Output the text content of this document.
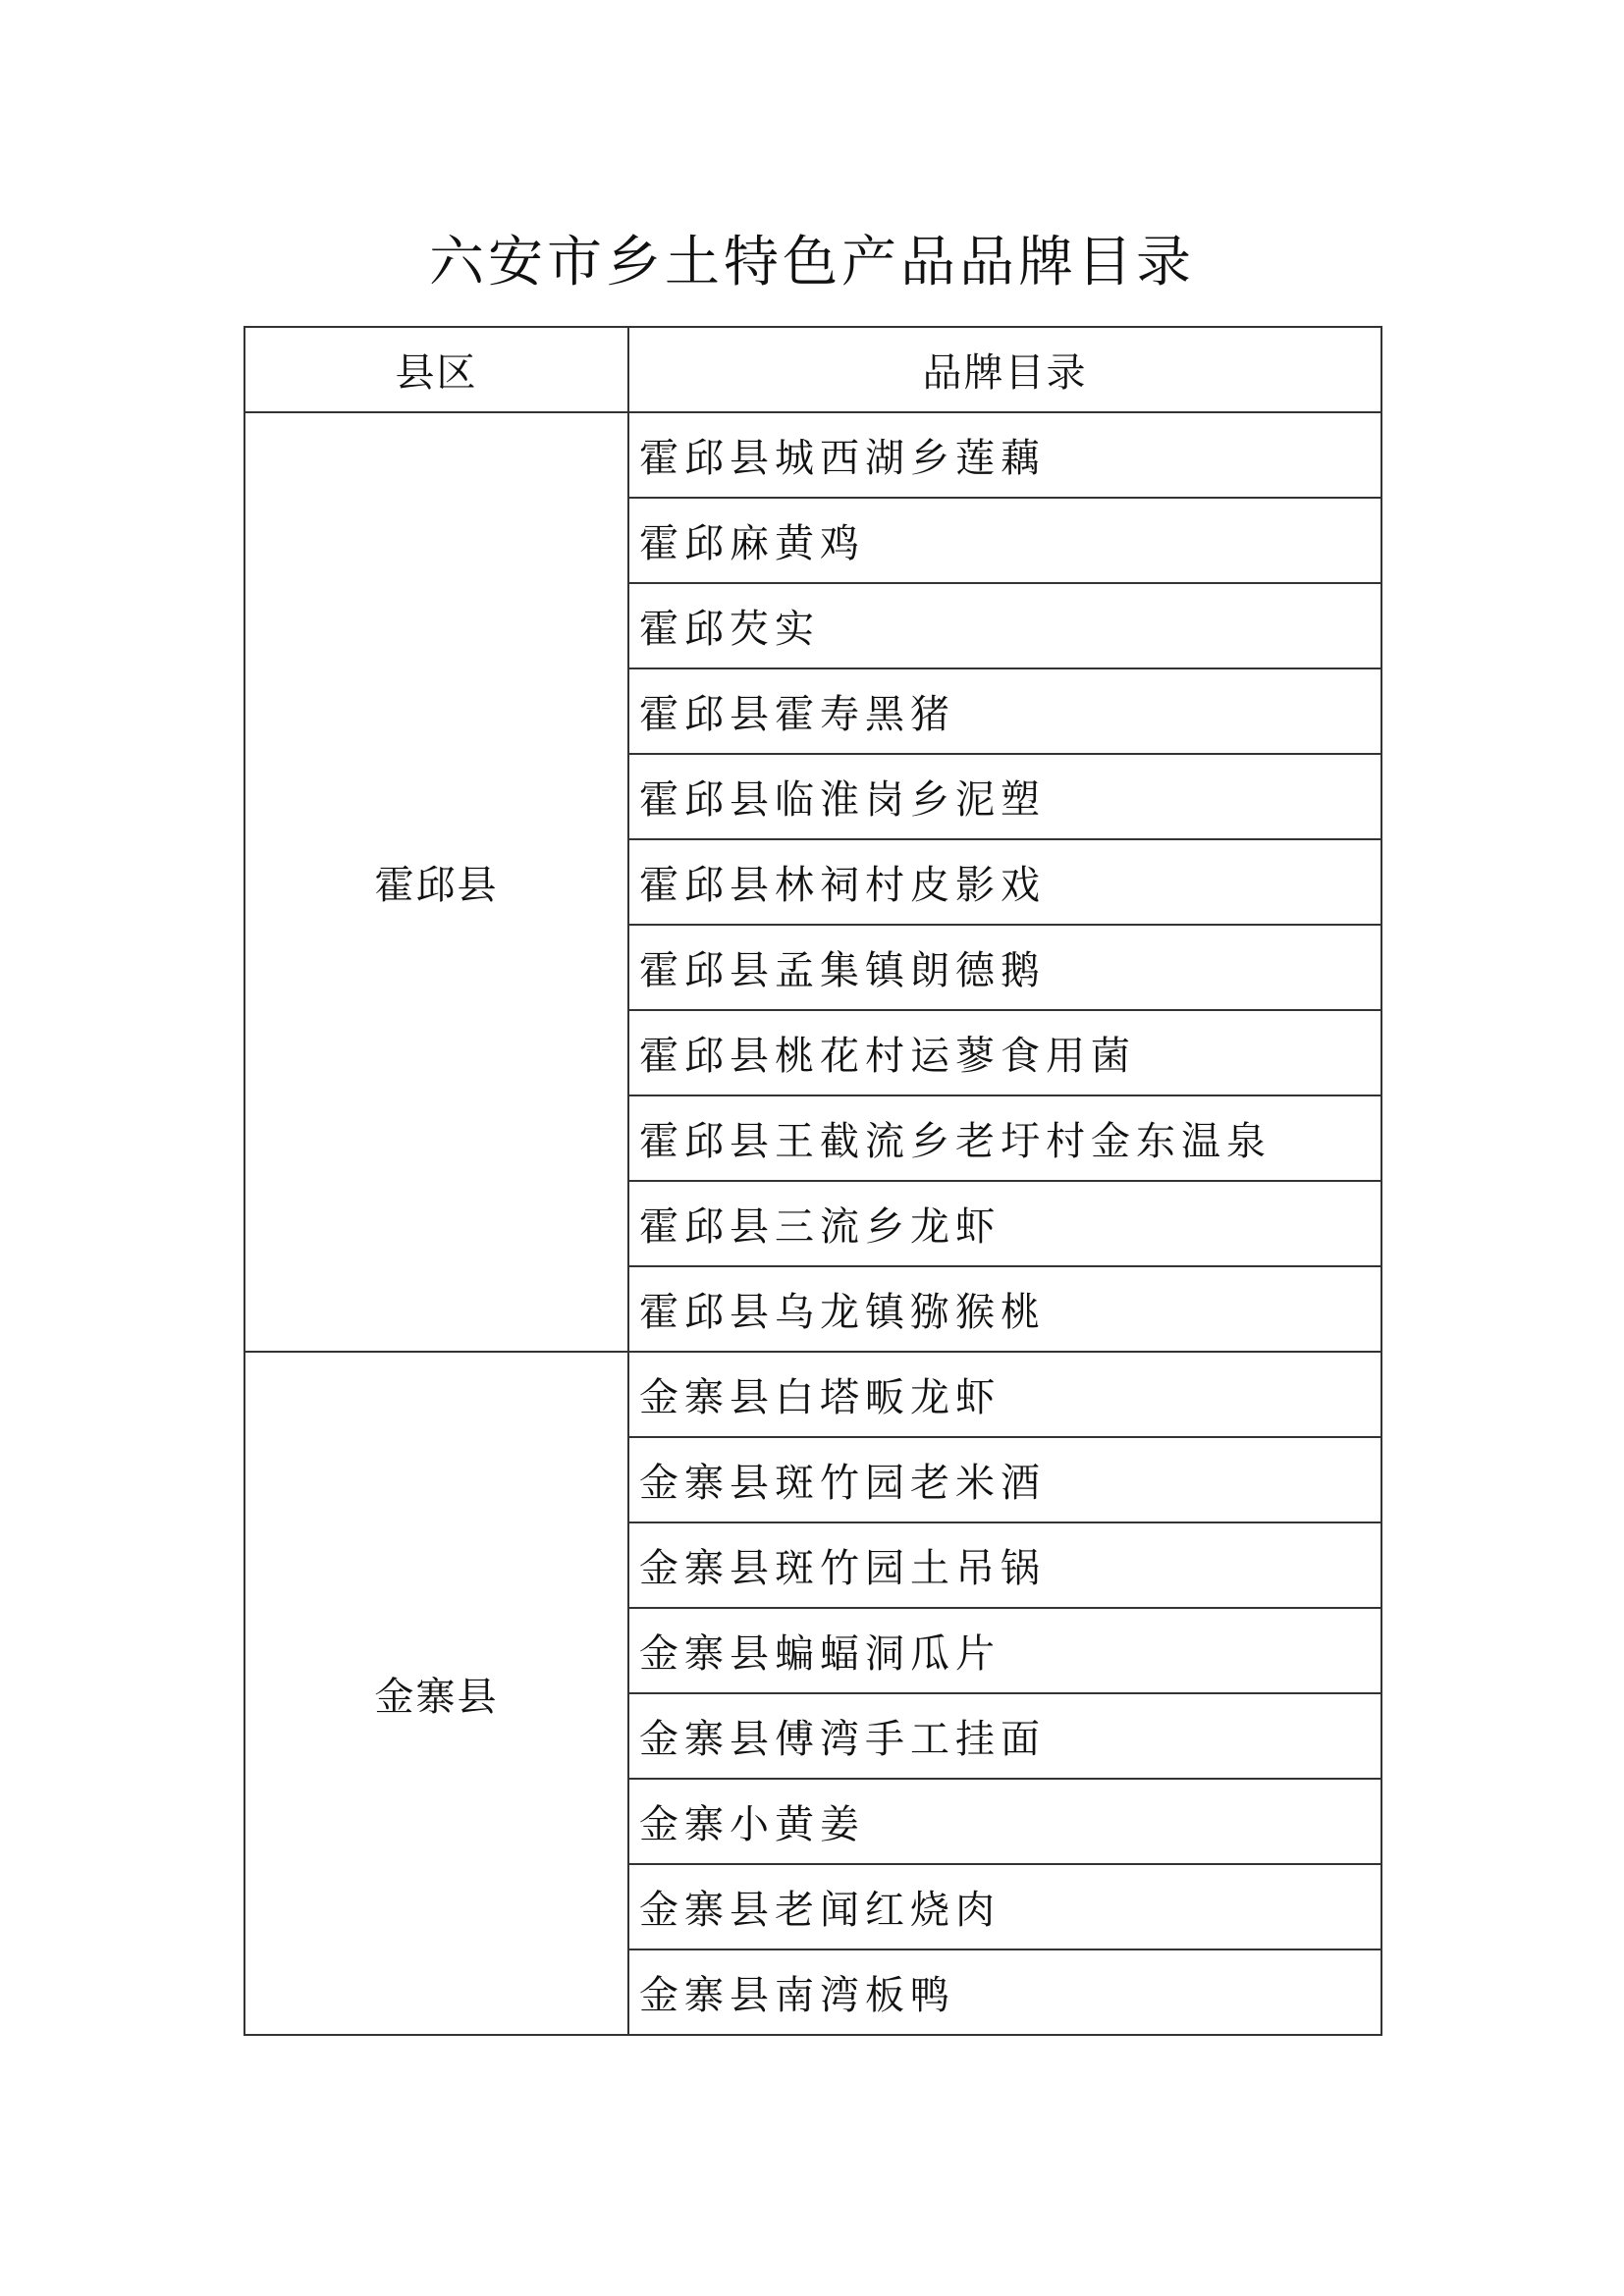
六安市乡土特色产品品牌目录
县区	品牌目录
霍邱县	霍邱县城西湖乡莲藕
	霍邱麻黄鸡
	霍邱芡实
	霍邱县霍寿黑猪
	霍邱县临淮岗乡泥塑
	霍邱县林祠村皮影戏
	霍邱县孟集镇朗德鹅
	霍邱县桃花村运蓼食用菌
	霍邱县王截流乡老圩村金东温泉
	霍邱县三流乡龙虾
	霍邱县乌龙镇猕猴桃
金寨县	金寨县白塔畈龙虾
	金寨县斑竹园老米酒
	金寨县斑竹园土吊锅
	金寨县蝙蝠洞瓜片
	金寨县傅湾手工挂面
	金寨小黄姜
	金寨县老闻红烧肉
	金寨县南湾板鸭
